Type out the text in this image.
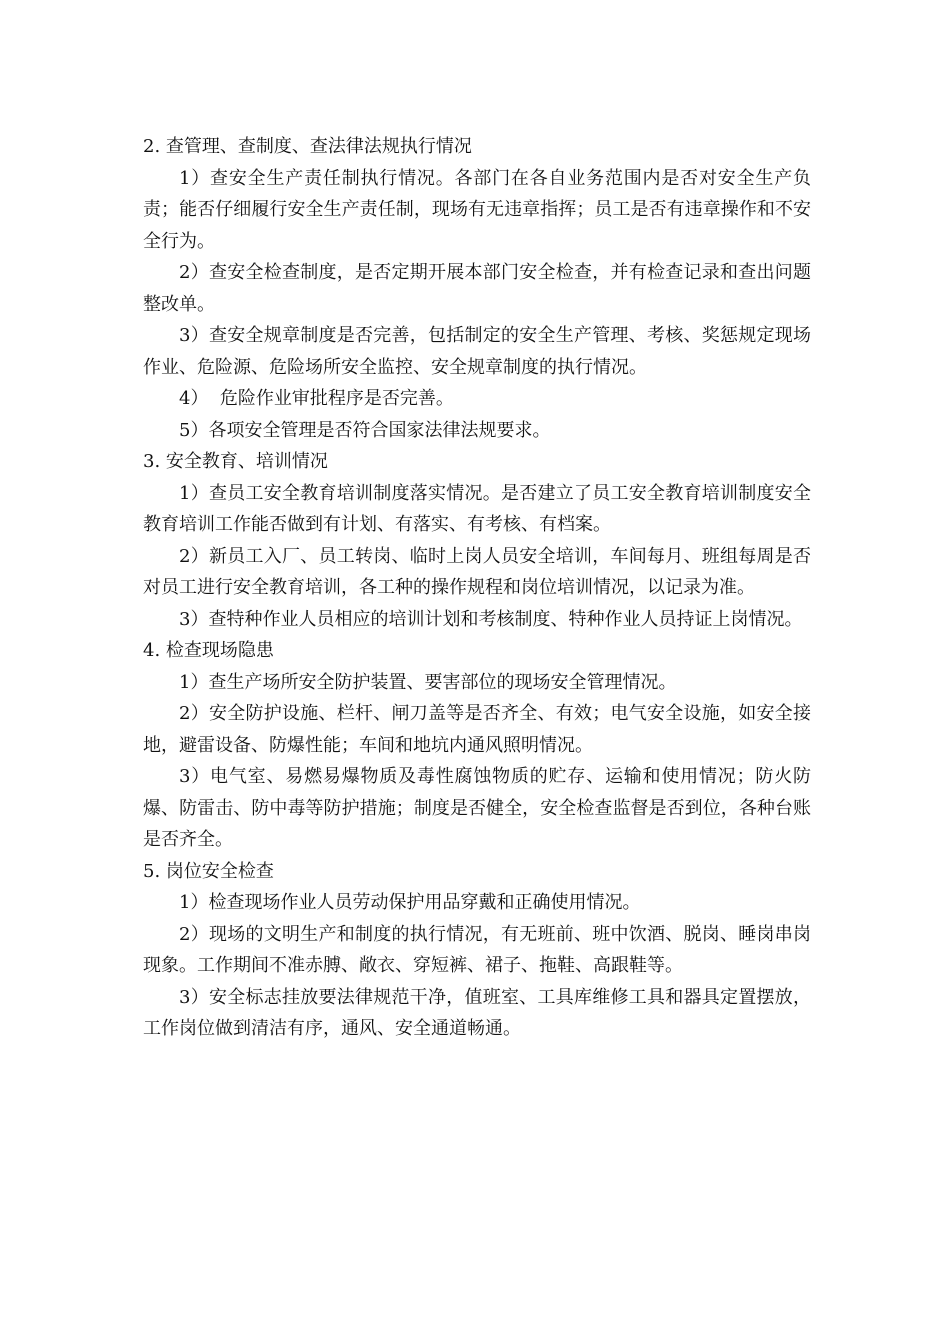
2. 查管理、查制度、查法律法规执行情况

1）查安全生产责任制执行情况。各部门在各自业务范围内是否对安全生产负责；能否仔细履行安全生产责任制，现场有无违章指挥；员工是否有违章操作和不安全行为。

2）查安全检查制度，是否定期开展本部门安全检查，并有检查记录和查出问题整改单。

3）查安全规章制度是否完善，包括制定的安全生产管理、考核、奖惩规定现场作业、危险源、危险场所安全监控、安全规章制度的执行情况。

4）  危险作业审批程序是否完善。

5）各项安全管理是否符合国家法律法规要求。

3. 安全教育、培训情况

1）查员工安全教育培训制度落实情况。是否建立了员工安全教育培训制度安全教育培训工作能否做到有计划、有落实、有考核、有档案。

2）新员工入厂、员工转岗、临时上岗人员安全培训，车间每月、班组每周是否对员工进行安全教育培训，各工种的操作规程和岗位培训情况，以记录为准。

3）查特种作业人员相应的培训计划和考核制度、特种作业人员持证上岗情况。

4. 检查现场隐患

1）查生产场所安全防护装置、要害部位的现场安全管理情况。

2）安全防护设施、栏杆、闸刀盖等是否齐全、有效；电气安全设施，如安全接地，避雷设备、防爆性能；车间和地坑内通风照明情况。

3）电气室、易燃易爆物质及毒性腐蚀物质的贮存、运输和使用情况；防火防爆、防雷击、防中毒等防护措施；制度是否健全，安全检查监督是否到位，各种台账是否齐全。

5. 岗位安全检查

1）检查现场作业人员劳动保护用品穿戴和正确使用情况。

2）现场的文明生产和制度的执行情况，有无班前、班中饮酒、脱岗、睡岗串岗现象。工作期间不准赤膊、敞衣、穿短裤、裙子、拖鞋、高跟鞋等。

3）安全标志挂放要法律规范干净，值班室、工具库维修工具和器具定置摆放，工作岗位做到清洁有序，通风、安全通道畅通。
